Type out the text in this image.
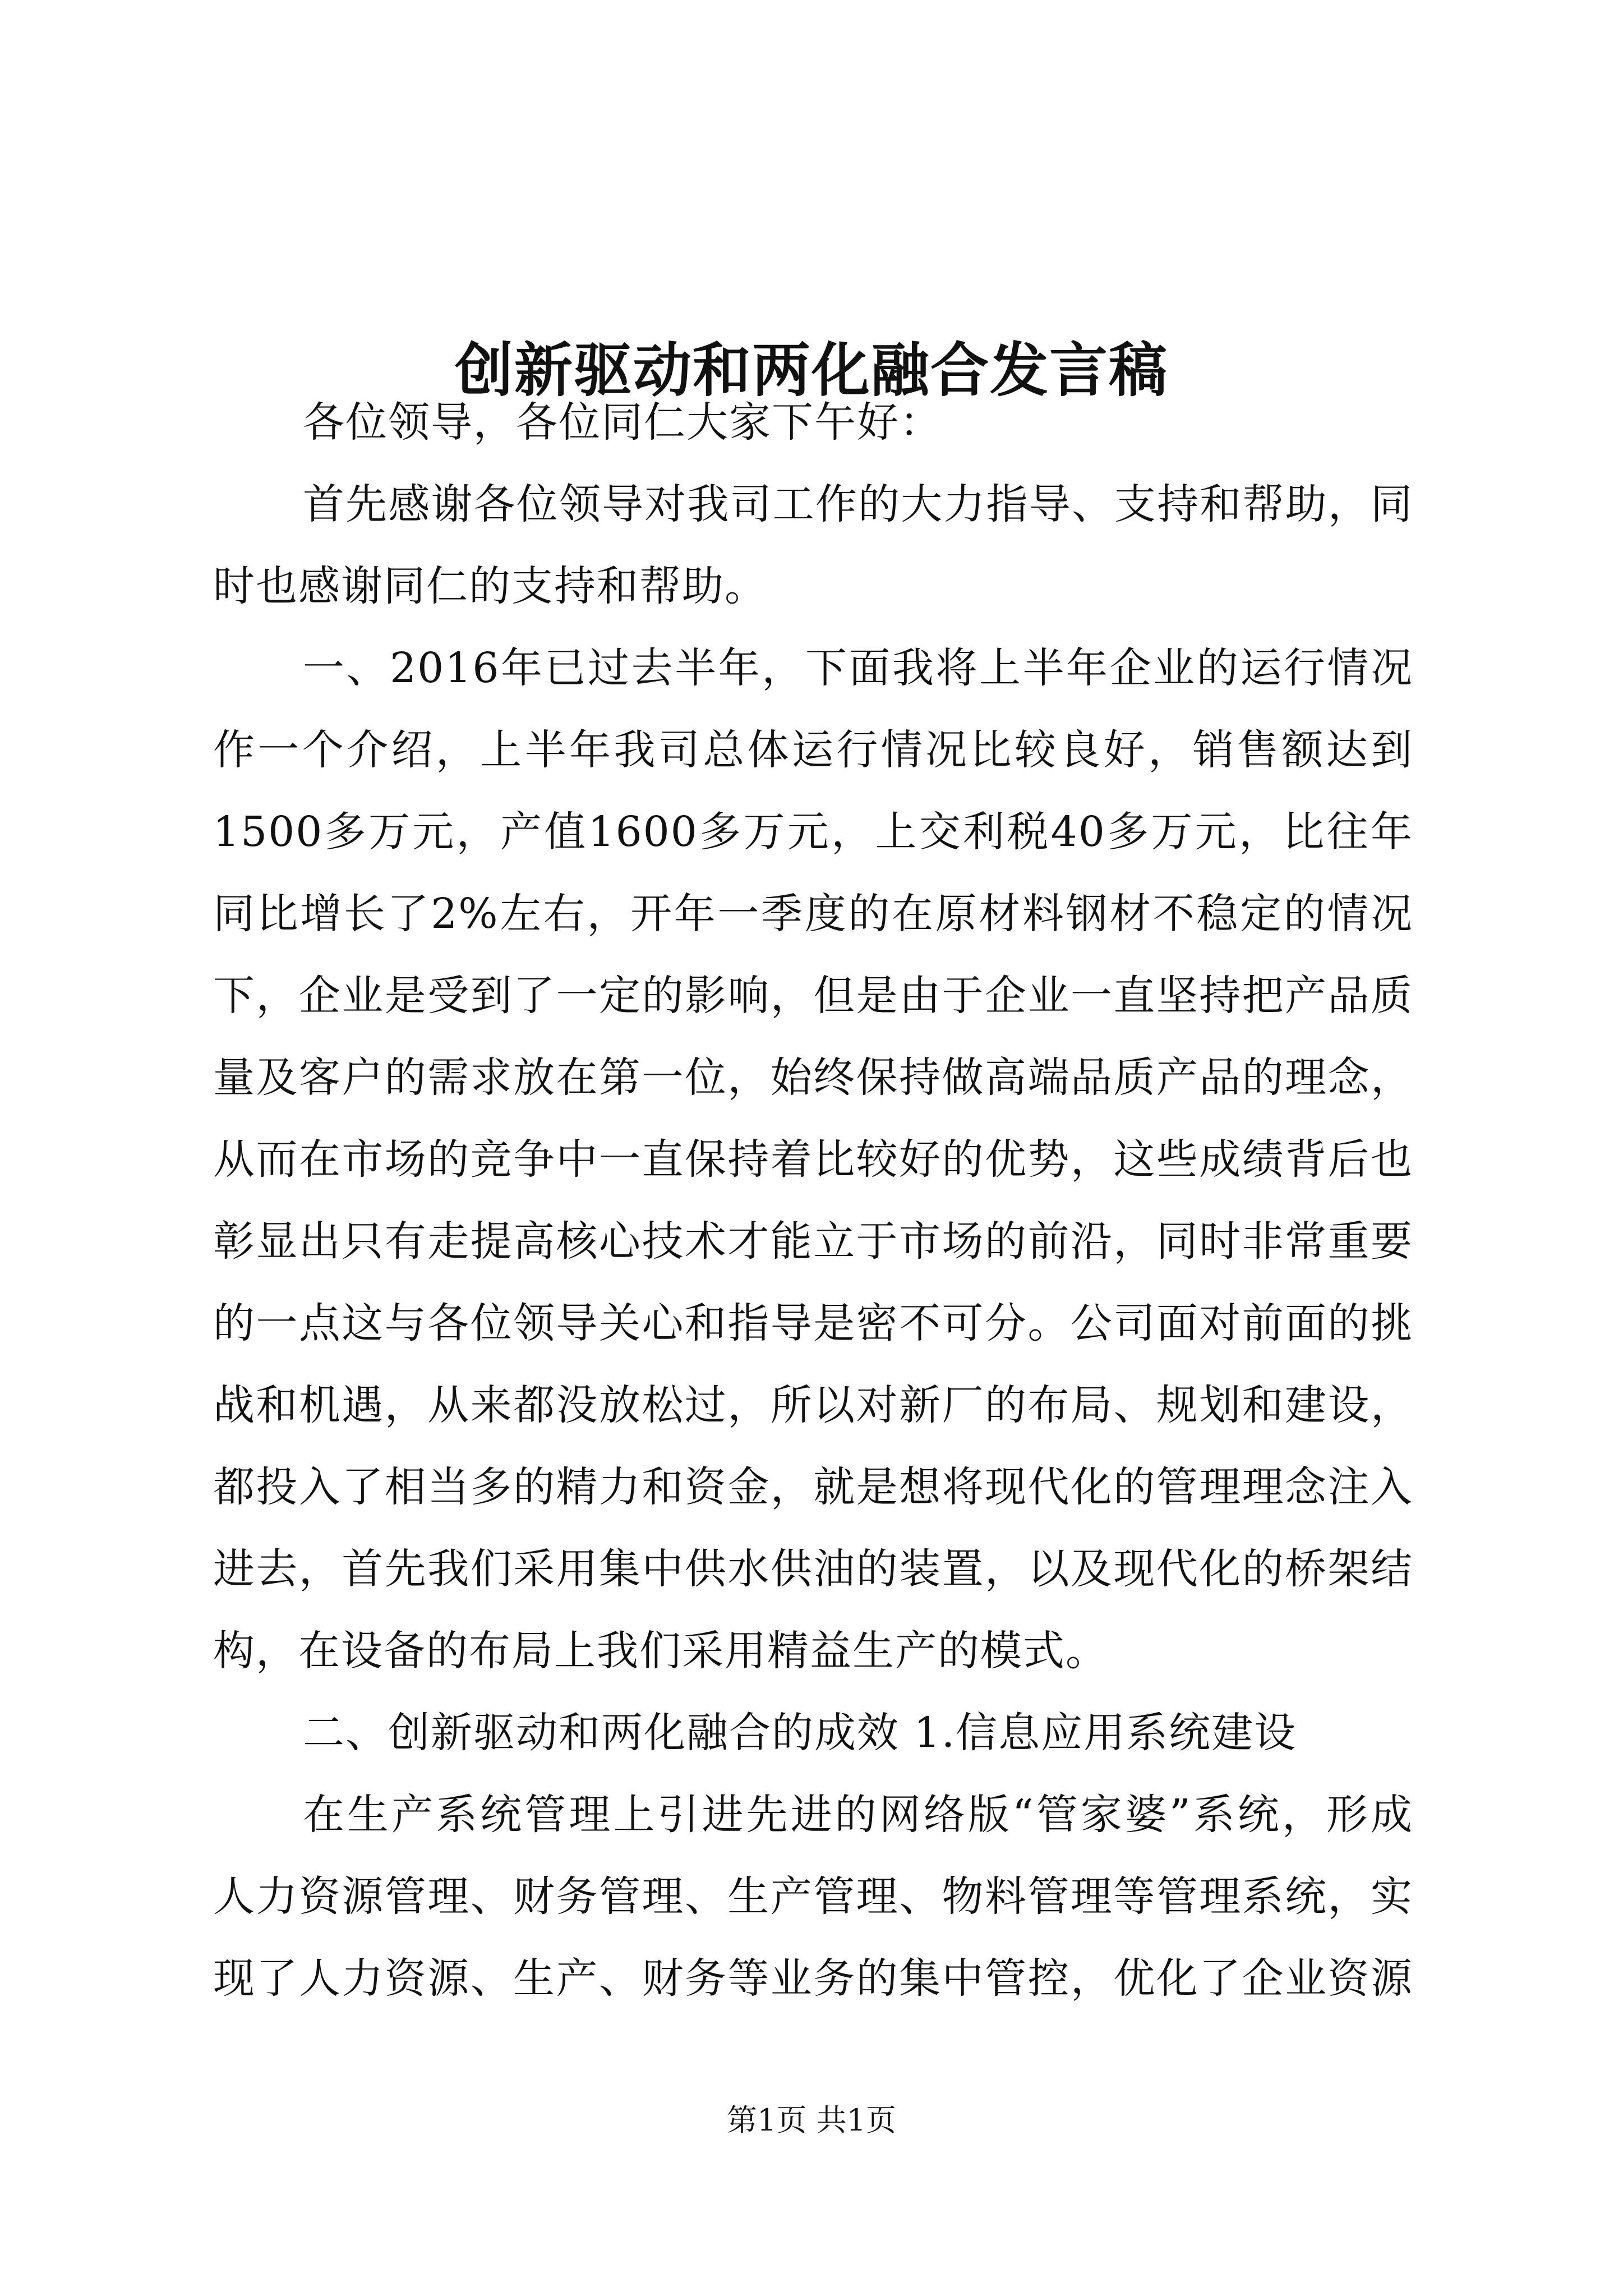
创新驱动和两化融合发言稿

各位领导，各位同仁大家下午好：

首先感谢各位领导对我司工作的大力指导、支持和帮助，同
时也感谢同仁的支持和帮助。

一、2016年已过去半年，下面我将上半年企业的运行情况
作一个介绍，上半年我司总体运行情况比较良好，销售额达到
1500多万元，产值1600多万元，上交利税40多万元，比往年
同比增长了2%左右，开年一季度的在原材料钢材不稳定的情况
下，企业是受到了一定的影响，但是由于企业一直坚持把产品质
量及客户的需求放在第一位，始终保持做高端品质产品的理念，
从而在市场的竞争中一直保持着比较好的优势，这些成绩背后也
彰显出只有走提高核心技术才能立于市场的前沿，同时非常重要
的一点这与各位领导关心和指导是密不可分。公司面对前面的挑
战和机遇，从来都没放松过，所以对新厂的布局、规划和建设，
都投入了相当多的精力和资金，就是想将现代化的管理理念注入
进去，首先我们采用集中供水供油的装置，以及现代化的桥架结
构，在设备的布局上我们采用精益生产的模式。

二、创新驱动和两化融合的成效 1.信息应用系统建设

在生产系统管理上引进先进的网络版“管家婆”系统，形成
人力资源管理、财务管理、生产管理、物料管理等管理系统，实
现了人力资源、生产、财务等业务的集中管控，优化了企业资源

第1页 共1页
